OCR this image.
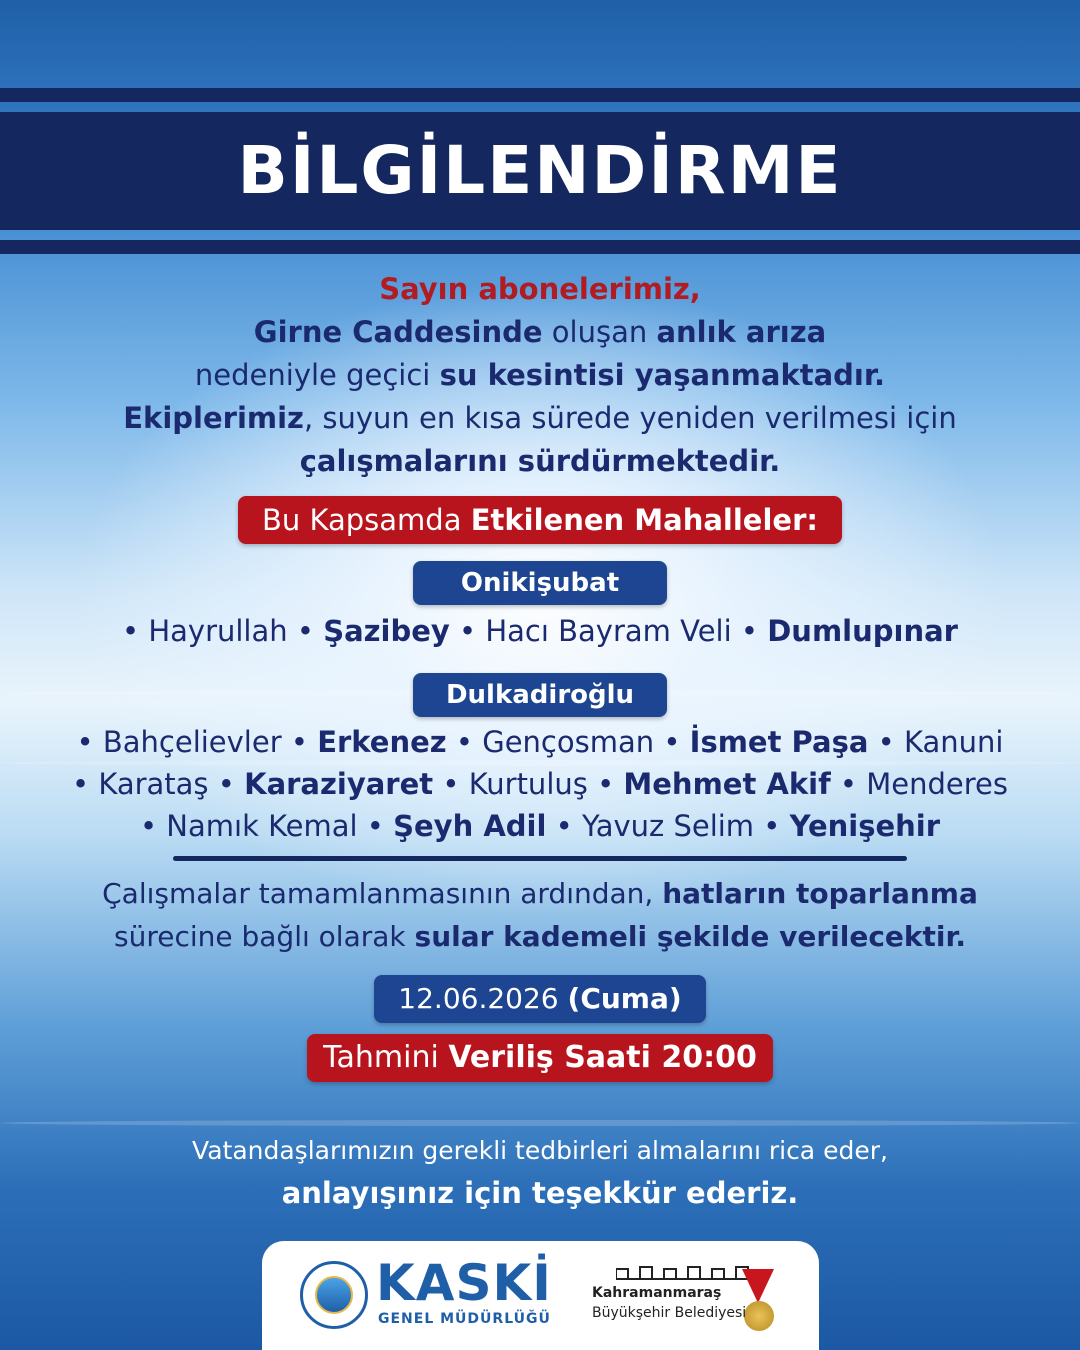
BİLGİLENDİRME
Sayın abonelerimiz,
Girne Caddesinde oluşan anlık arıza
nedeniyle geçici su kesintisi yaşanmaktadır.
Ekiplerimiz, suyun en kısa sürede yeniden verilmesi için
çalışmalarını sürdürmektedir.
Bu Kapsamda Etkilenen Mahalleler:
Onikişubat
• Hayrullah • Şazibey • Hacı Bayram Veli • Dumlupınar
Dulkadiroğlu
• Bahçelievler • Erkenez • Gençosman • İsmet Paşa • Kanuni
• Karataş • Karaziyaret • Kurtuluş • Mehmet Akif • Menderes
• Namık Kemal • Şeyh Adil • Yavuz Selim • Yenişehir
Çalışmalar tamamlanmasının ardından, hatların toparlanma
sürecine bağlı olarak sular kademeli şekilde verilecektir.
12.06.2026 (Cuma)
Tahmini Veriliş Saati 20:00
Vatandaşlarımızın gerekli tedbirleri almalarını rica eder,
anlayışınız için teşekkür ederiz.
KASKİ
GENEL MÜDÜRLÜĞÜ
Kahramanmaraş
Büyükşehir Belediyesi
